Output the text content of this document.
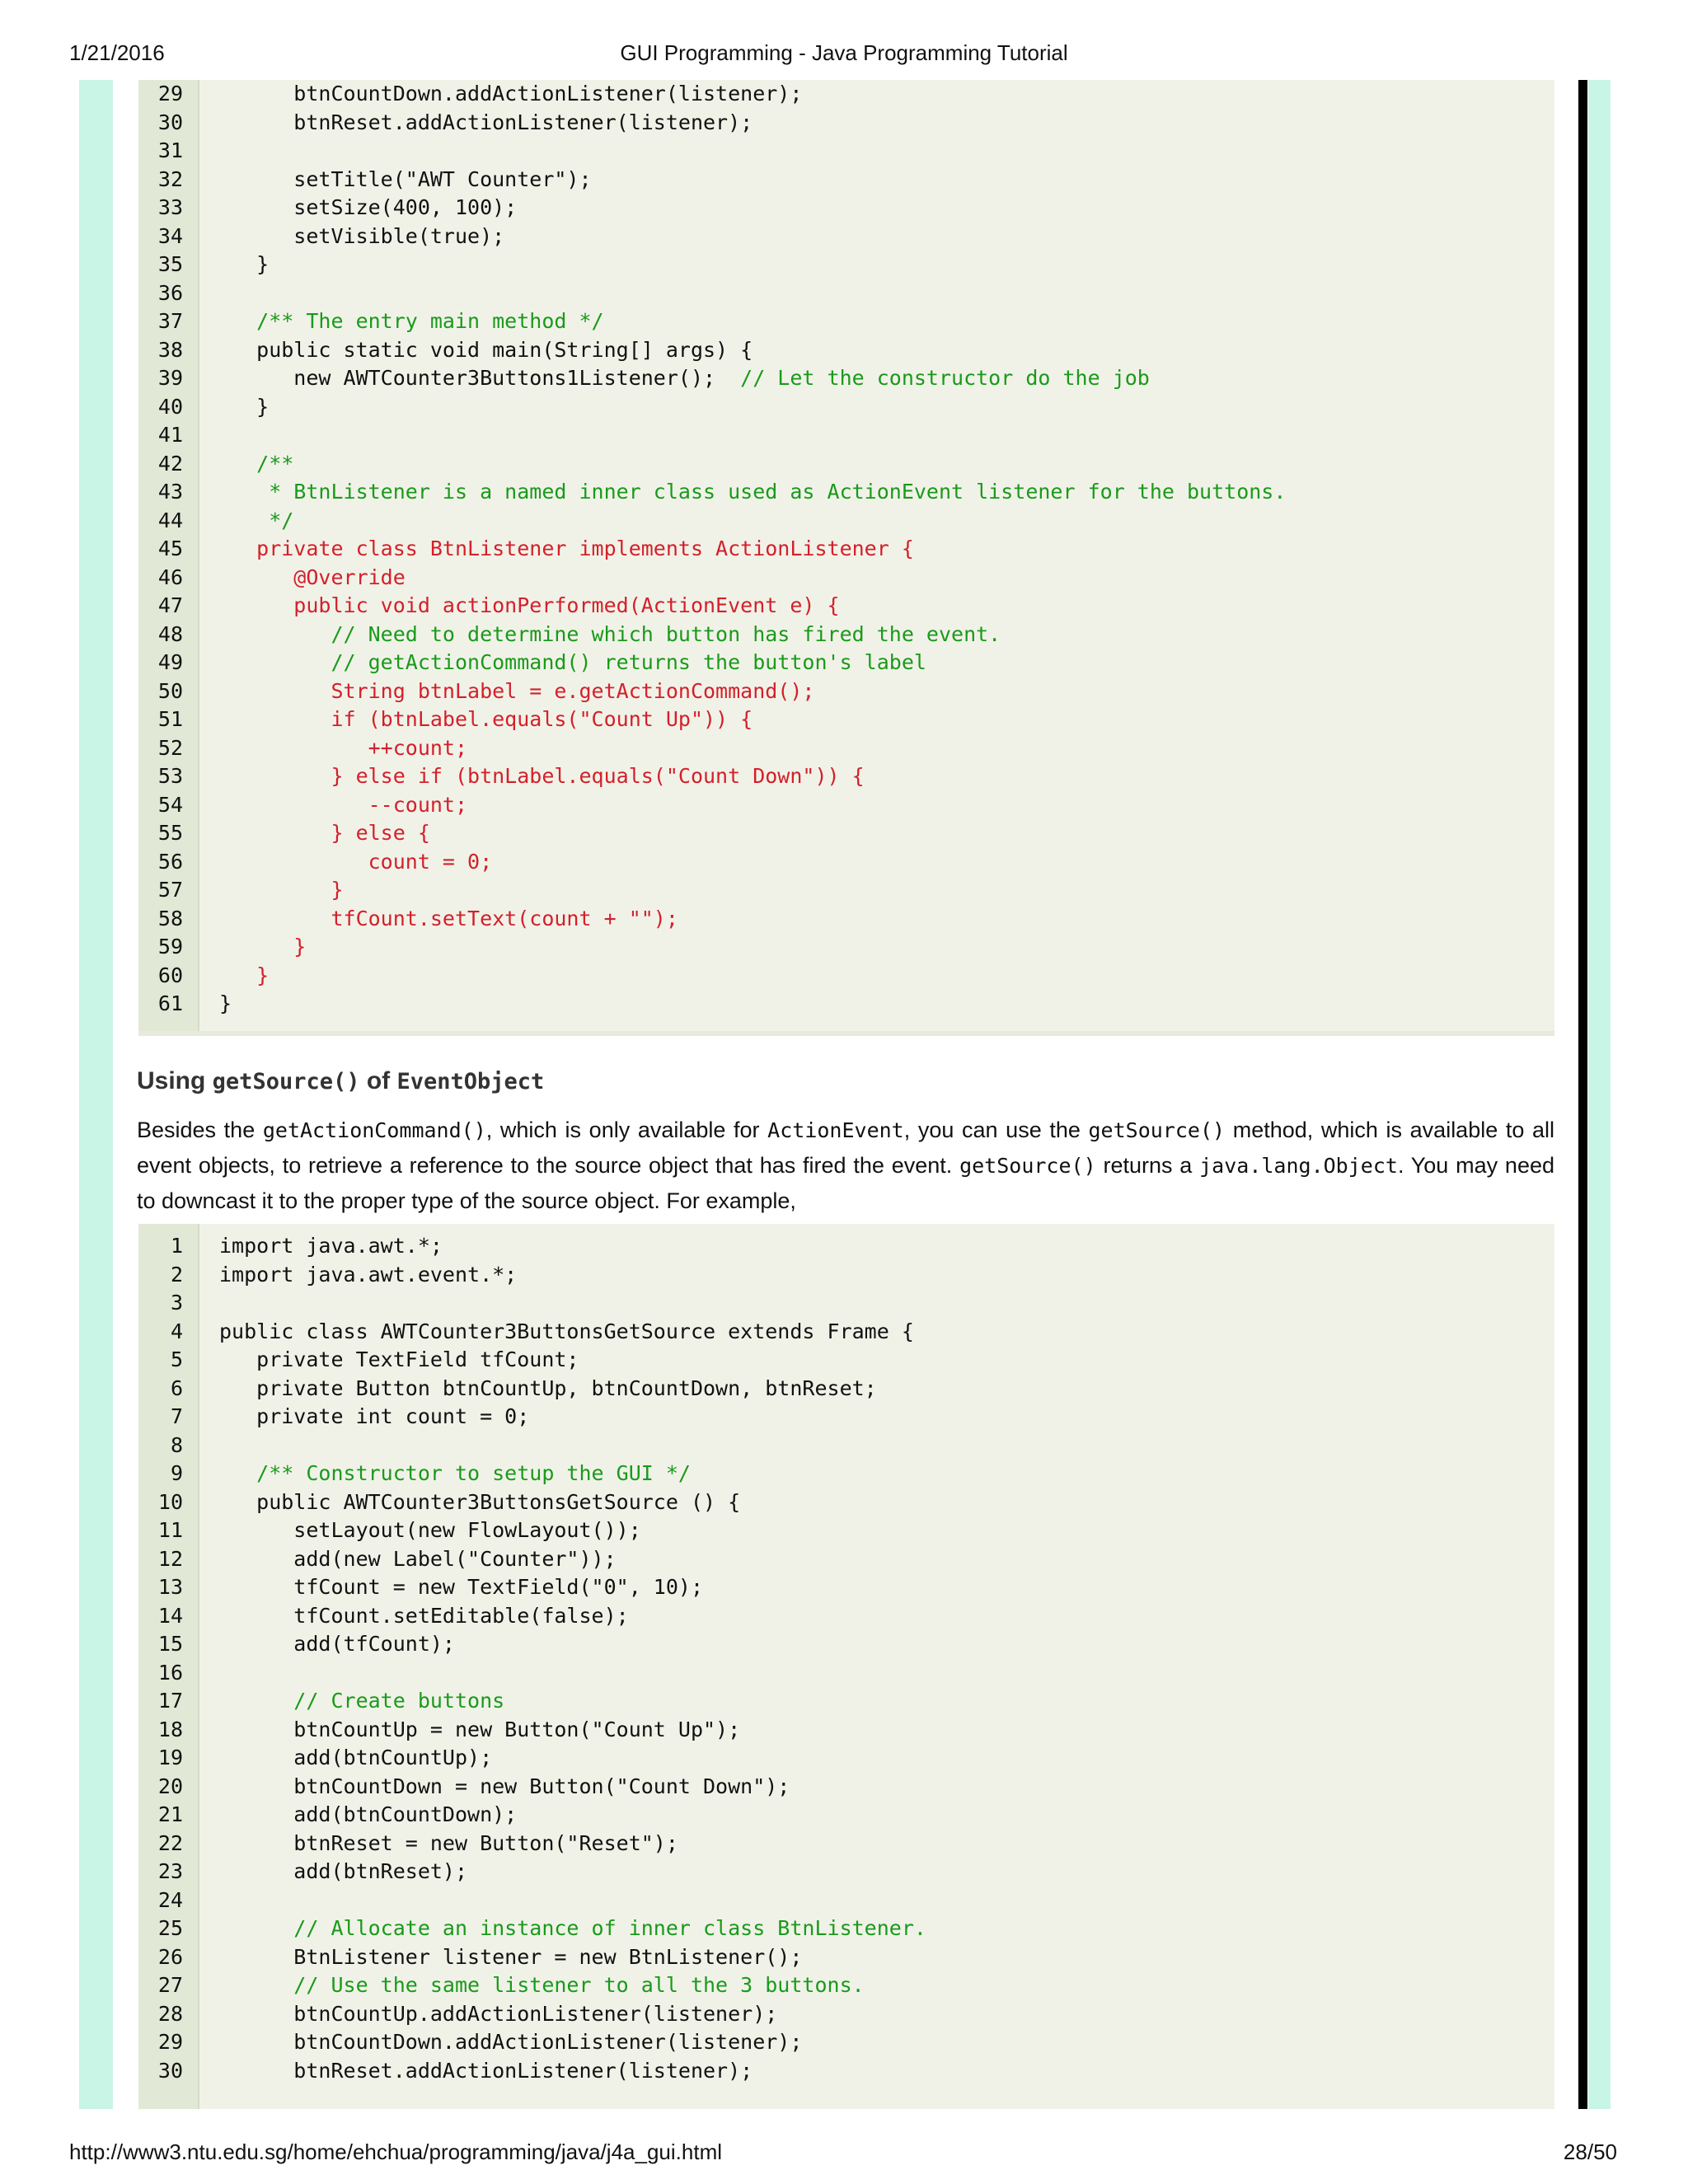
1/21/2016	GUI Programming - Java Programming Tutorial
29 btnCountDown.addActionListener(listener);
30 btnReset.addActionListener(listener);
31
32 setTitle("AWT Counter");
33 setSize(400, 100);
34 setVisible(true);
35 }
36
37 /** The entry main method */
38 public static void main(String[] args) {
39 new AWTCounter3Buttons1Listener();  // Let the constructor do the job
40 }
41
42 /**
43 * BtnListener is a named inner class used as ActionEvent listener for the buttons.
44 */
45 private class BtnListener implements ActionListener {
46 @Override
47 public void actionPerformed(ActionEvent e) {
48 // Need to determine which button has fired the event.
49 // getActionCommand() returns the button's label
50 String btnLabel = e.getActionCommand();
51 if (btnLabel.equals("Count Up")) {
52 ++count;
53 } else if (btnLabel.equals("Count Down")) {
54 --count;
55 } else {
56 count = 0;
57 }
58 tfCount.setText(count + "");
59 }
60 }
61 }
Using getSource() of EventObject
Besides the getActionCommand(), which is only available for ActionEvent, you can use the getSource() method, which is available to all event objects, to retrieve a reference to the source object that has fired the event. getSource() returns a java.lang.Object. You may need to downcast it to the proper type of the source object. For example,
1 import java.awt.*;
2 import java.awt.event.*;
3
4 public class AWTCounter3ButtonsGetSource extends Frame {
5 private TextField tfCount;
6 private Button btnCountUp, btnCountDown, btnReset;
7 private int count = 0;
8
9 /** Constructor to setup the GUI */
10 public AWTCounter3ButtonsGetSource () {
11 setLayout(new FlowLayout());
12 add(new Label("Counter"));
13 tfCount = new TextField("0", 10);
14 tfCount.setEditable(false);
15 add(tfCount);
16
17 // Create buttons
18 btnCountUp = new Button("Count Up");
19 add(btnCountUp);
20 btnCountDown = new Button("Count Down");
21 add(btnCountDown);
22 btnReset = new Button("Reset");
23 add(btnReset);
24
25 // Allocate an instance of inner class BtnListener.
26 BtnListener listener = new BtnListener();
27 // Use the same listener to all the 3 buttons.
28 btnCountUp.addActionListener(listener);
29 btnCountDown.addActionListener(listener);
30 btnReset.addActionListener(listener);
http://www3.ntu.edu.sg/home/ehchua/programming/java/j4a_gui.html	28/50
